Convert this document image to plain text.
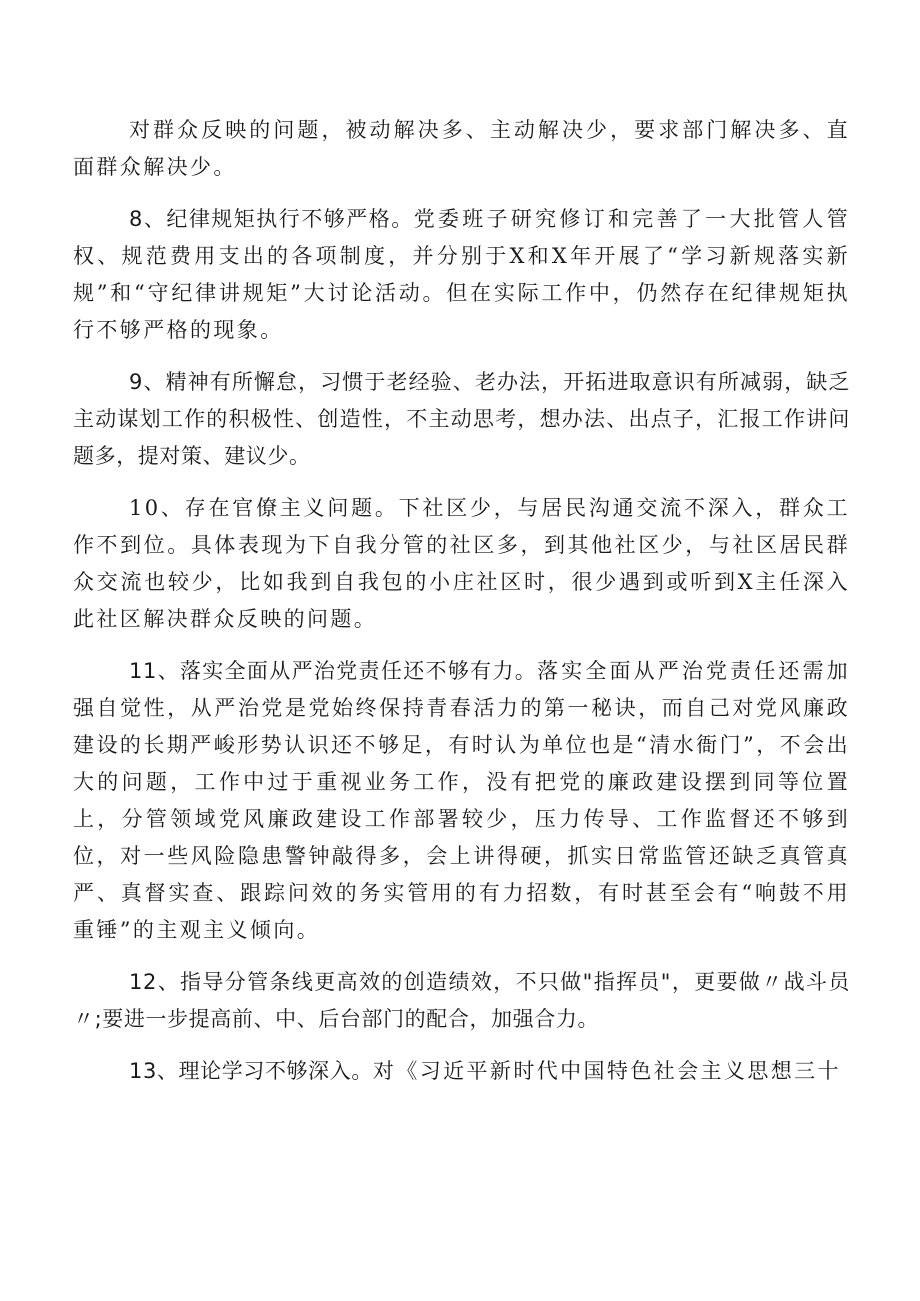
对群众反映的问题，被动解决多、主动解决少，要求部门解决多、直面群众解决少。

8、纪律规矩执行不够严格。党委班子研究修订和完善了一大批管人管权、规范费用支出的各项制度，并分别于X和X年开展了“学习新规落实新规”和“守纪律讲规矩”大讨论活动。但在实际工作中，仍然存在纪律规矩执行不够严格的现象。

9、精神有所懈怠，习惯于老经验、老办法，开拓进取意识有所减弱，缺乏主动谋划工作的积极性、创造性，不主动思考，想办法、出点子，汇报工作讲问题多，提对策、建议少。

10、存在官僚主义问题。下社区少，与居民沟通交流不深入，群众工作不到位。具体表现为下自我分管的社区多，到其他社区少，与社区居民群众交流也较少，比如我到自我包的小庄社区时，很少遇到或听到X主任深入此社区解决群众反映的问题。

11、落实全面从严治党责任还不够有力。落实全面从严治党责任还需加强自觉性，从严治党是党始终保持青春活力的第一秘诀，而自己对党风廉政建设的长期严峻形势认识还不够足，有时认为单位也是“清水衙门”，不会出大的问题，工作中过于重视业务工作，没有把党的廉政建设摆到同等位置上，分管领域党风廉政建设工作部署较少，压力传导、工作监督还不够到位，对一些风险隐患警钟敲得多，会上讲得硬，抓实日常监管还缺乏真管真严、真督实查、跟踪问效的务实管用的有力招数，有时甚至会有“响鼓不用重锤”的主观主义倾向。

12、指导分管条线更高效的创造绩效，不只做"指挥员"，更要做〃战斗员〃;要进一步提高前、中、后台部门的配合，加强合力。

13、理论学习不够深入。对《习近平新时代中国特色社会主义思想三十
